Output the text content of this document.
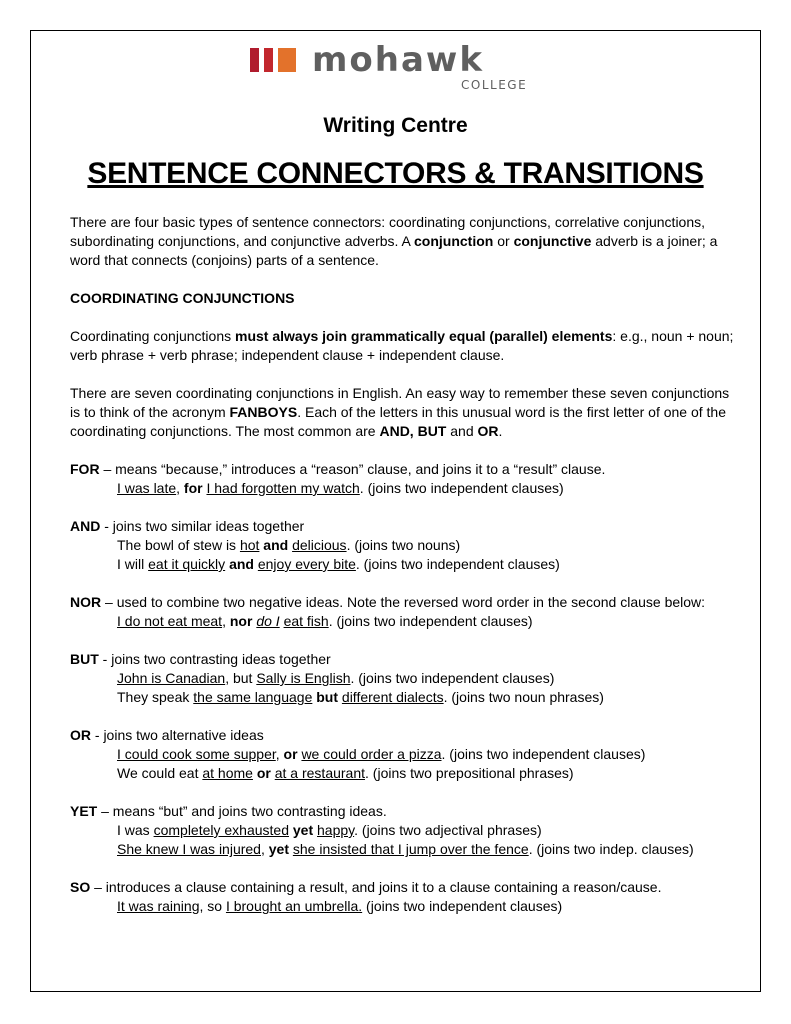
mohawk
COLLEGE
Writing Centre
SENTENCE CONNECTORS & TRANSITIONS

There are four basic types of sentence connectors: coordinating conjunctions, correlative conjunctions, subordinating conjunctions, and conjunctive adverbs. A conjunction or conjunctive adverb is a joiner; a word that connects (conjoins) parts of a sentence.

COORDINATING CONJUNCTIONS

Coordinating conjunctions must always join grammatically equal (parallel) elements: e.g., noun + noun; verb phrase + verb phrase; independent clause + independent clause.

There are seven coordinating conjunctions in English. An easy way to remember these seven conjunctions is to think of the acronym FANBOYS. Each of the letters in this unusual word is the first letter of one of the coordinating conjunctions. The most common are AND, BUT and OR.

FOR – means “because,” introduces a “reason” clause, and joins it to a “result” clause.

I was late, for I had forgotten my watch. (joins two independent clauses)

AND - joins two similar ideas together

The bowl of stew is hot and delicious. (joins two nouns)

I will eat it quickly and enjoy every bite. (joins two independent clauses)

NOR – used to combine two negative ideas. Note the reversed word order in the second clause below:

I do not eat meat, nor do I eat fish. (joins two independent clauses)

BUT - joins two contrasting ideas together

John is Canadian, but Sally is English. (joins two independent clauses)

They speak the same language but different dialects. (joins two noun phrases)

OR - joins two alternative ideas

I could cook some supper, or we could order a pizza. (joins two independent clauses)

We could eat at home or at a restaurant. (joins two prepositional phrases)

YET – means “but” and joins two contrasting ideas.

I was completely exhausted yet happy. (joins two adjectival phrases)

She knew I was injured, yet she insisted that I jump over the fence. (joins two indep. clauses)

SO – introduces a clause containing a result, and joins it to a clause containing a reason/cause.

It was raining, so I brought an umbrella. (joins two independent clauses)
